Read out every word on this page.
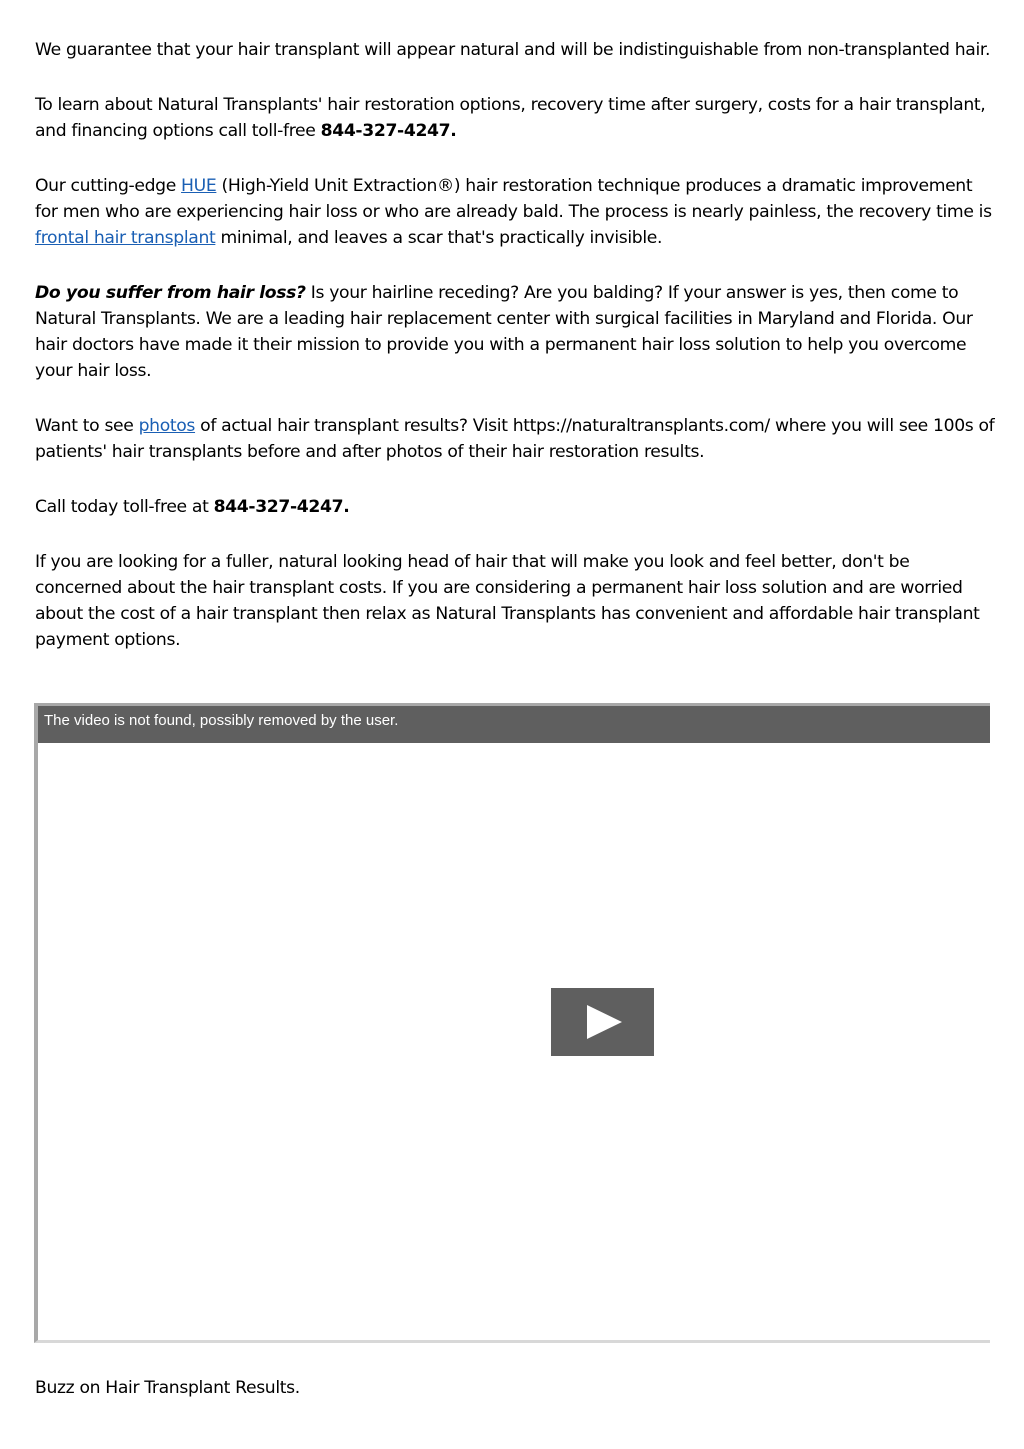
We guarantee that your hair transplant will appear natural and will be indistinguishable from non-transplanted hair.

To learn about Natural Transplants' hair restoration options, recovery time after surgery, costs for a hair transplant, and financing options call toll-free 844-327-4247.

Our cutting-edge HUE (High-Yield Unit Extraction®) hair restoration technique produces a dramatic improvement for men who are experiencing hair loss or who are already bald. The process is nearly painless, the recovery time is frontal hair transplant minimal, and leaves a scar that's practically invisible.

Do you suffer from hair loss? Is your hairline receding? Are you balding? If your answer is yes, then come to Natural Transplants. We are a leading hair replacement center with surgical facilities in Maryland and Florida. Our hair doctors have made it their mission to provide you with a permanent hair loss solution to help you overcome your hair loss.

Want to see photos of actual hair transplant results? Visit https://naturaltransplants.com/ where you will see 100s of patients' hair transplants before and after photos of their hair restoration results.

Call today toll-free at 844-327-4247.

If you are looking for a fuller, natural looking head of hair that will make you look and feel better, don't be concerned about the hair transplant costs. If you are considering a permanent hair loss solution and are worried about the cost of a hair transplant then relax as Natural Transplants has convenient and affordable hair transplant payment options.

The video is not found, possibly removed by the user.

Buzz on Hair Transplant Results.
